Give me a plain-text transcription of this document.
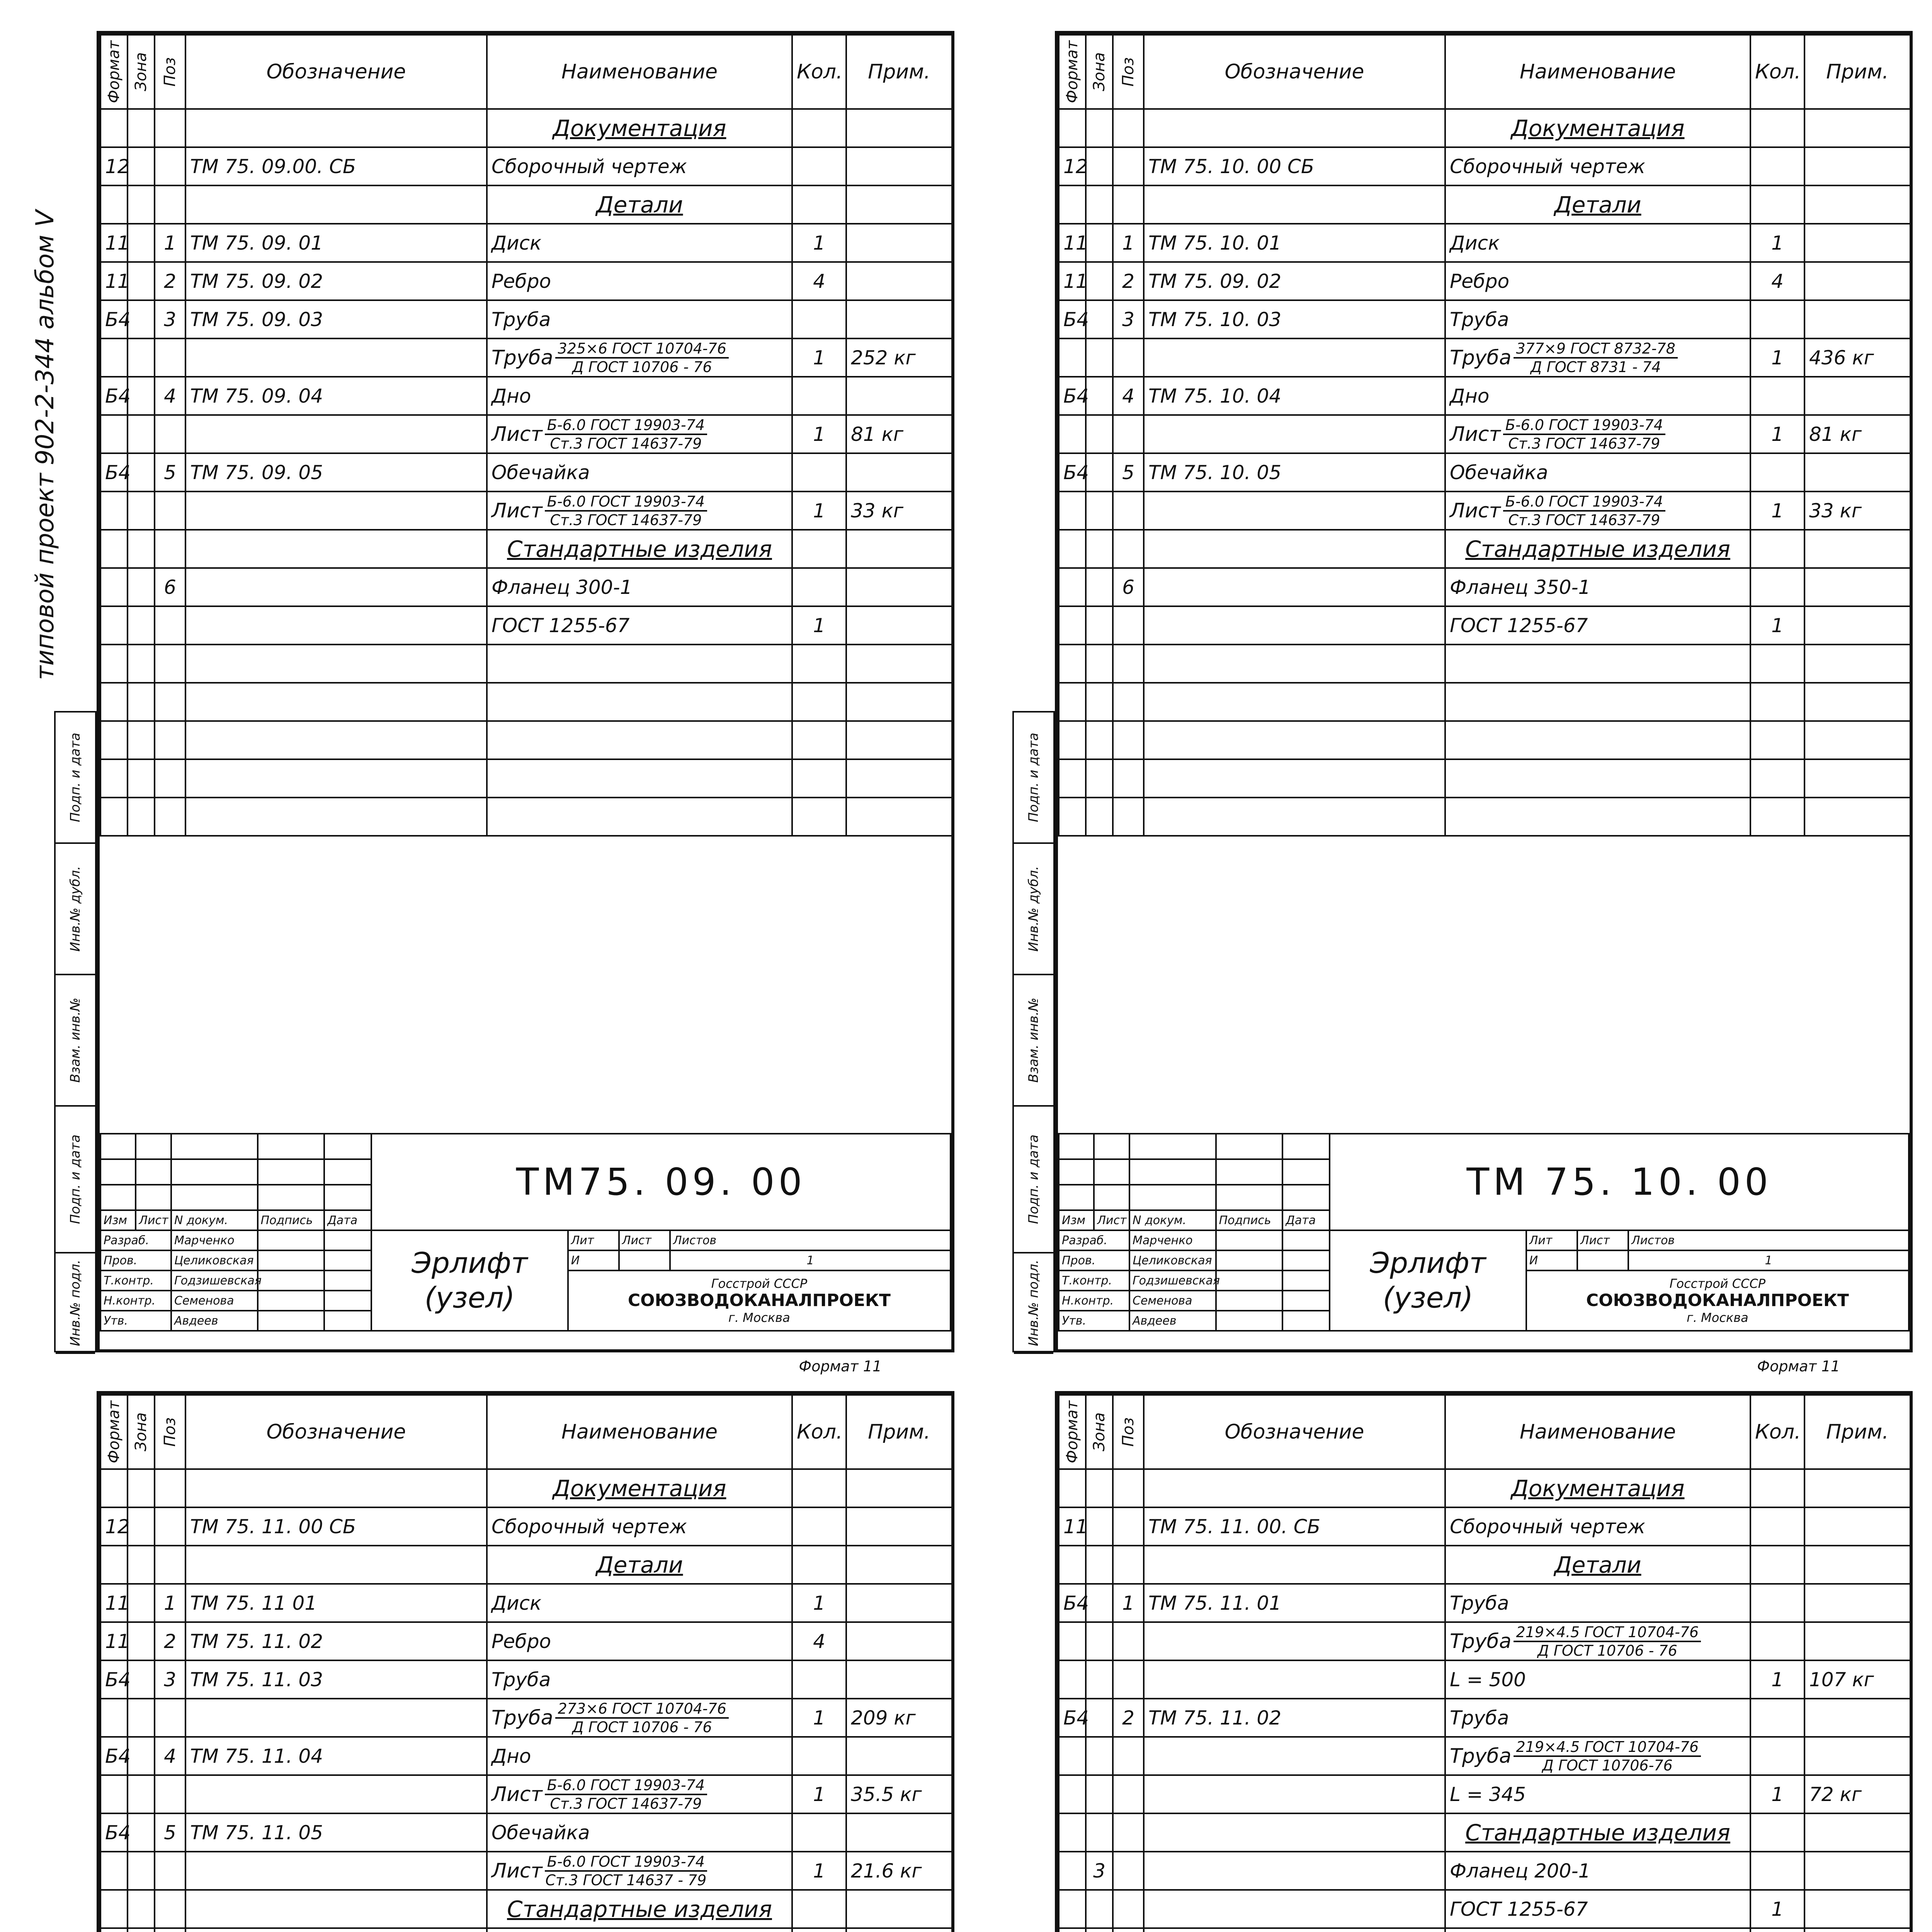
типовой проект 902-2-344 альбом V
Формат	Зона	Поз	Обозначение	Наименование	Кол.	Прим.
				Документация		
12			ТМ 75. 09.00. СБ	Сборочный чертеж		
				Детали		
11		1	ТМ 75. 09. 01	Диск	1	
11		2	ТМ 75. 09. 02	Ребро	4	
Б4		3	ТМ 75. 09. 03	Труба		
				Труба $\frac{\text{325×6 ГОСТ 10704-76}}{\text{Д ГОСТ 10706 - 76}}$	1	252 кг
Б4		4	ТМ 75. 09. 04	Дно		
				Лист $\frac{\text{Б-6.0 ГОСТ 19903-74}}{\text{Ст.3 ГОСТ 14637-79}}$	1	81 кг
Б4		5	ТМ 75. 09. 05	Обечайка		
				Лист $\frac{\text{Б-6.0 ГОСТ 19903-74}}{\text{Ст.3 ГОСТ 14637-79}}$	1	33 кг
				Стандартные изделия		
		6		Фланец 300-1		
				ГОСТ 1255-67	1	

					ТМ75. 09. 00			

Изм	Лист	N докум.	Подпись	Дата				
Разраб.		Марченко			Эрлифт (узел)	Лит	Лист	Листов
Пров.		Целиковская				И		1
Т.контр.		Годзишевская				Госстрой СССР
СОЮЗВОДОКАНАЛПРОЕКТ
г. Москва		

Н.контр.		Семенова						
Утв.		Авдеев						
Формат 11
Подп. и дата
Инв.№ дубл.
Взам. инв.№
Подп. и дата
Инв.№ подл.
Формат	Зона	Поз	Обозначение	Наименование	Кол.	Прим.
				Документация		
12			ТМ 75. 10. 00 СБ	Сборочный чертеж		
				Детали		
11		1	ТМ 75. 10. 01	Диск	1	
11		2	ТМ 75. 09. 02	Ребро	4	
Б4		3	ТМ 75. 10. 03	Труба		
				Труба $\frac{\text{377×9 ГОСТ 8732-78}}{\text{Д ГОСТ 8731 - 74}}$	1	436 кг
Б4		4	ТМ 75. 10. 04	Дно		
				Лист $\frac{\text{Б-6.0 ГОСТ 19903-74}}{\text{Ст.3 ГОСТ 14637-79}}$	1	81 кг
Б4		5	ТМ 75. 10. 05	Обечайка		
				Лист $\frac{\text{Б-6.0 ГОСТ 19903-74}}{\text{Ст.3 ГОСТ 14637-79}}$	1	33 кг
				Стандартные изделия		
		6		Фланец 350-1		
				ГОСТ 1255-67	1	

					ТМ 75. 10. 00			

Изм	Лист	N докум.	Подпись	Дата				
Разраб.		Марченко			Эрлифт (узел)	Лит	Лист	Листов
Пров.		Целиковская				И		1
Т.контр.		Годзишевская				Госстрой СССР
СОЮЗВОДОКАНАЛПРОЕКТ
г. Москва		

Н.контр.		Семенова						
Утв.		Авдеев						
Формат 11
Подп. и дата
Инв.№ дубл.
Взам. инв.№
Подп. и дата
Инв.№ подл.
Формат	Зона	Поз	Обозначение	Наименование	Кол.	Прим.
				Документация		
12			ТМ 75. 11. 00 СБ	Сборочный чертеж		
				Детали		
11		1	ТМ 75. 11 01	Диск	1	
11		2	ТМ 75. 11. 02	Ребро	4	
Б4		3	ТМ 75. 11. 03	Труба		
				Труба $\frac{\text{273×6 ГОСТ 10704-76}}{\text{Д ГОСТ 10706 - 76}}$	1	209 кг
Б4		4	ТМ 75. 11. 04	Дно		
				Лист $\frac{\text{Б-6.0 ГОСТ 19903-74}}{\text{Ст.3 ГОСТ 14637-79}}$	1	35.5 кг
Б4		5	ТМ 75. 11. 05	Обечайка		
				Лист $\frac{\text{Б-6.0 ГОСТ 19903-74}}{\text{Ст.3 ГОСТ 14637 - 79}}$	1	21.6 кг
				Стандартные изделия		

Формат	Зона	Поз	Обозначение	Наименование	Кол.	Прим.
				Документация		
11			ТМ 75. 11. 00. СБ	Сборочный чертеж		
				Детали		
Б4		1	ТМ 75. 11. 01	Труба		
				Труба $\frac{\text{219×4.5 ГОСТ 10704-76}}{\text{Д ГОСТ 10706 - 76}}$

				L = 500	1	107 кг
Б4		2	ТМ 75. 11. 02	Труба		
				Труба $\frac{\text{219×4.5 ГОСТ 10704-76}}{\text{Д ГОСТ 10706-76}}$

				L = 345	1	72 кг
				Стандартные изделия		
	3			Фланец 200-1		
				ГОСТ 1255-67	1	
